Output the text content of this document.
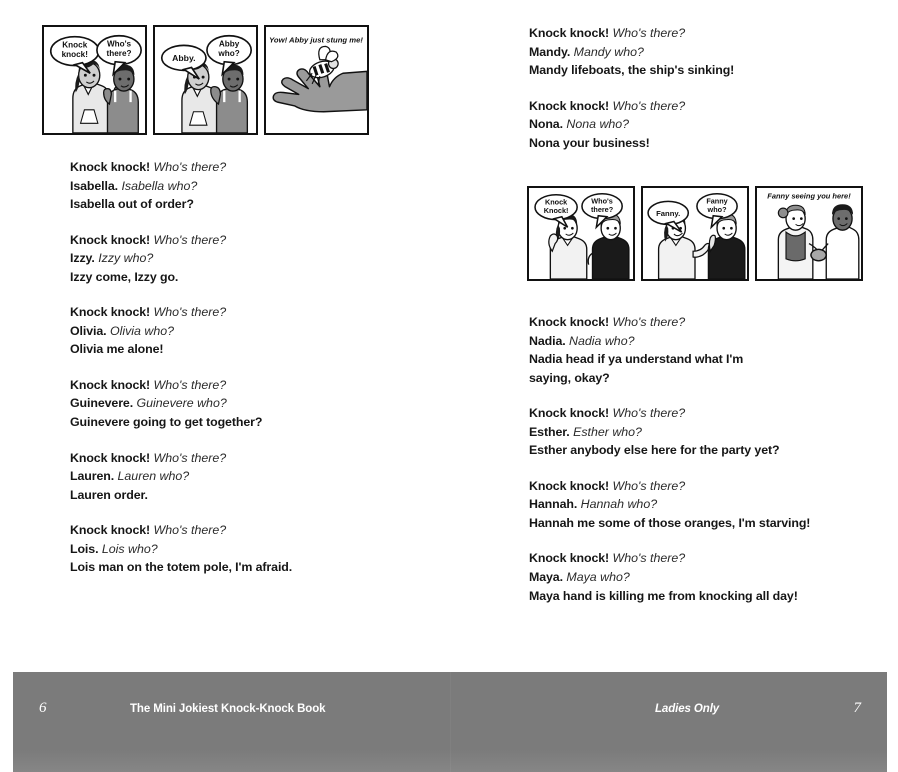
Knock
knock!
Who's
there?	Abby.
Abby
who?
Yow! Abby just stung me!
Knock knock! Who's there?
Isabella. Isabella who?
Isabella out of order?
Knock knock! Who's there?
Izzy. Izzy who?
Izzy come, Izzy go.
Knock knock! Who's there?
Olivia. Olivia who?
Olivia me alone!
Knock knock! Who's there?
Guinevere. Guinevere who?
Guinevere going to get together?
Knock knock! Who's there?
Lauren. Lauren who?
Lauren order.
Knock knock! Who's there?
Lois. Lois who?
Lois man on the totem pole, I'm afraid.
Knock knock! Who's there?
Mandy. Mandy who?
Mandy lifeboats, the ship's sinking!
Knock knock! Who's there?
Nona. Nona who?
Nona your business!
Knock
Knock!
Who's
there?	Fanny.
Fanny
who?
Fanny seeing you here!
Knock knock! Who's there?
Nadia. Nadia who?
Nadia head if ya understand what I'm saying, okay?
Knock knock! Who's there?
Esther. Esther who?
Esther anybody else here for the party yet?
Knock knock! Who's there?
Hannah. Hannah who?
Hannah me some of those oranges, I'm starving!
Knock knock! Who's there?
Maya. Maya who?
Maya hand is killing me from knocking all day!
6	The Mini Jokiest Knock-Knock Book	Ladies Only	7
